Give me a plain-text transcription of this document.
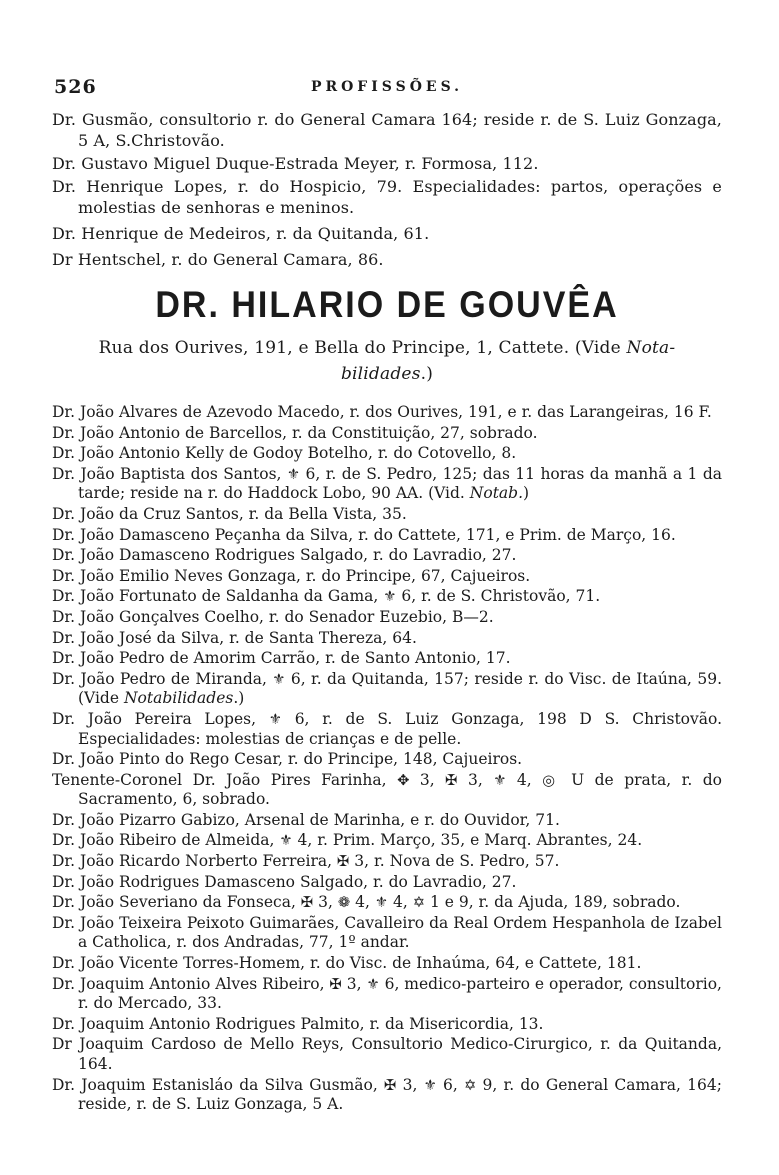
526	PROFISSÕES.
Dr. Gusmão, consultorio r. do General Camara 164; reside r. de S. Luiz Gonzaga, 5 A, S.Christovão.
Dr. Gustavo Miguel Duque-Estrada Meyer, r. Formosa, 112.
Dr. Henrique Lopes, r. do Hospicio, 79. Especialidades: partos, operações e molestias de senhoras e meninos.
Dr. Henrique de Medeiros, r. da Quitanda, 61.
Dr Hentschel, r. do General Camara, 86.
DR. HILARIO DE GOUVÊA
Rua dos Ourives, 191, e Bella do Principe, 1, Cattete. (Vide Nota-
bilidades.)
Dr. João Alvares de Azevodo Macedo, r. dos Ourives, 191, e r. das Larangeiras, 16 F.
Dr. João Antonio de Barcellos, r. da Constituição, 27, sobrado.
Dr. João Antonio Kelly de Godoy Botelho, r. do Cotovello, 8.
Dr. João Baptista dos Santos, ⚜ 6, r. de S. Pedro, 125; das 11 horas da manhã a 1 da tarde; reside na r. do Haddock Lobo, 90 AA. (Vid. Notab.)
Dr. João da Cruz Santos, r. da Bella Vista, 35.
Dr. João Damasceno Peçanha da Silva, r. do Cattete, 171, e Prim. de Março, 16.
Dr. João Damasceno Rodrigues Salgado, r. do Lavradio, 27.
Dr. João Emilio Neves Gonzaga, r. do Principe, 67, Cajueiros.
Dr. João Fortunato de Saldanha da Gama, ⚜ 6, r. de S. Christovão, 71.
Dr. João Gonçalves Coelho, r. do Senador Euzebio, B—2.
Dr. João José da Silva, r. de Santa Thereza, 64.
Dr. João Pedro de Amorim Carrão, r. de Santo Antonio, 17.
Dr. João Pedro de Miranda, ⚜ 6, r. da Quitanda, 157; reside r. do Visc. de Itaúna, 59. (Vide Notabilidades.)
Dr. João Pereira Lopes, ⚜ 6, r. de S. Luiz Gonzaga, 198 D S. Christovão. Especialidades: molestias de crianças e de pelle.
Dr. João Pinto do Rego Cesar, r. do Principe, 148, Cajueiros.
Tenente-Coronel Dr. João Pires Farinha, ✥ 3, ✠ 3, ⚜ 4, ◎ U de prata, r. do Sacramento, 6, sobrado.
Dr. João Pizarro Gabizo, Arsenal de Marinha, e r. do Ouvidor, 71.
Dr. João Ribeiro de Almeida, ⚜ 4, r. Prim. Março, 35, e Marq. Abrantes, 24.
Dr. João Ricardo Norberto Ferreira, ✠ 3, r. Nova de S. Pedro, 57.
Dr. João Rodrigues Damasceno Salgado, r. do Lavradio, 27.
Dr. João Severiano da Fonseca, ✠ 3, ❁ 4, ⚜ 4, ✡ 1 e 9, r. da Ajuda, 189, sobrado.
Dr. João Teixeira Peixoto Guimarães, Cavalleiro da Real Ordem Hespanhola de Izabel a Catholica, r. dos Andradas, 77, 1º andar.
Dr. João Vicente Torres-Homem, r. do Visc. de Inhaúma, 64, e Cattete, 181.
Dr. Joaquim Antonio Alves Ribeiro, ✠ 3, ⚜ 6, medico-parteiro e operador, consultorio, r. do Mercado, 33.
Dr. Joaquim Antonio Rodrigues Palmito, r. da Misericordia, 13.
Dr Joaquim Cardoso de Mello Reys, Consultorio Medico-Cirurgico, r. da Quitanda, 164.
Dr. Joaquim Estanisláo da Silva Gusmão, ✠ 3, ⚜ 6, ✡ 9, r. do General Camara, 164; reside, r. de S. Luiz Gonzaga, 5 A.
